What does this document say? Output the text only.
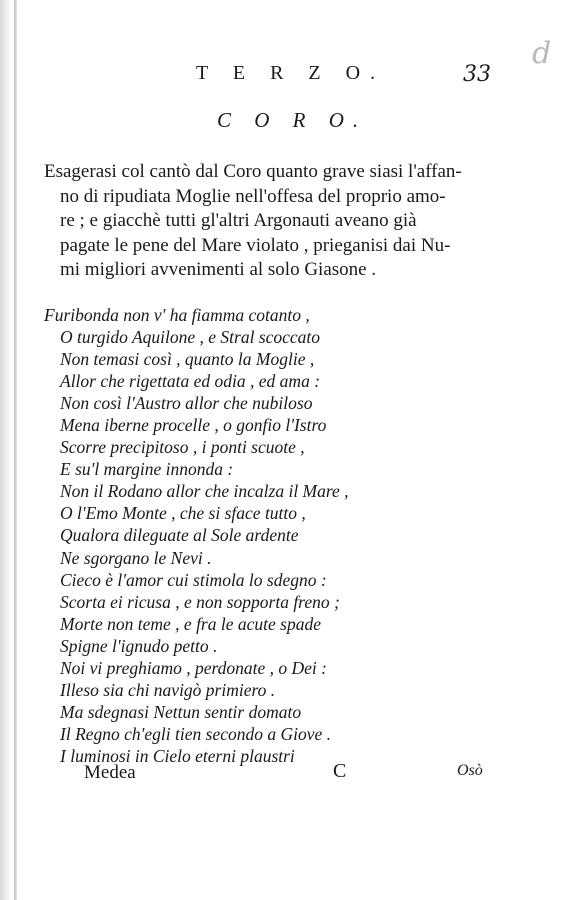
T E R Z O.	33
d
C O R O.
Esagerasi col cantò dal Coro quanto grave siasi l'affan-
no di ripudiata Moglie nell'offesa del proprio amo-
re ; e giacchè tutti gl'altri Argonauti aveano già
pagate le pene del Mare violato , prieganisi dai Nu-
mi migliori avvenimenti al solo Giasone .
Furibonda non v' ha fiamma cotanto ,
O turgido Aquilone , e Stral scoccato
Non temasi così , quanto la Moglie ,
Allor che rigettata ed odia , ed ama :
Non così l'Austro allor che nubiloso
Mena iberne procelle , o gonfio l'Istro
Scorre precipitoso , i ponti scuote ,
E su'l margine innonda :
Non il Rodano allor che incalza il Mare ,
O l'Emo Monte , che si sface tutto ,
Qualora dileguate al Sole ardente
Ne sgorgano le Nevi .
Cieco è l'amor cui stimola lo sdegno :
Scorta ei ricusa , e non sopporta freno ;
Morte non teme , e fra le acute spade
Spigne l'ignudo petto .
Noi vi preghiamo , perdonate , o Dei :
Illeso sia chi navigò primiero .
Ma sdegnasi Nettun sentir domato
Il Regno ch'egli tien secondo a Giove .
I luminosi in Cielo eterni plaustri
Medea	C	Osò
